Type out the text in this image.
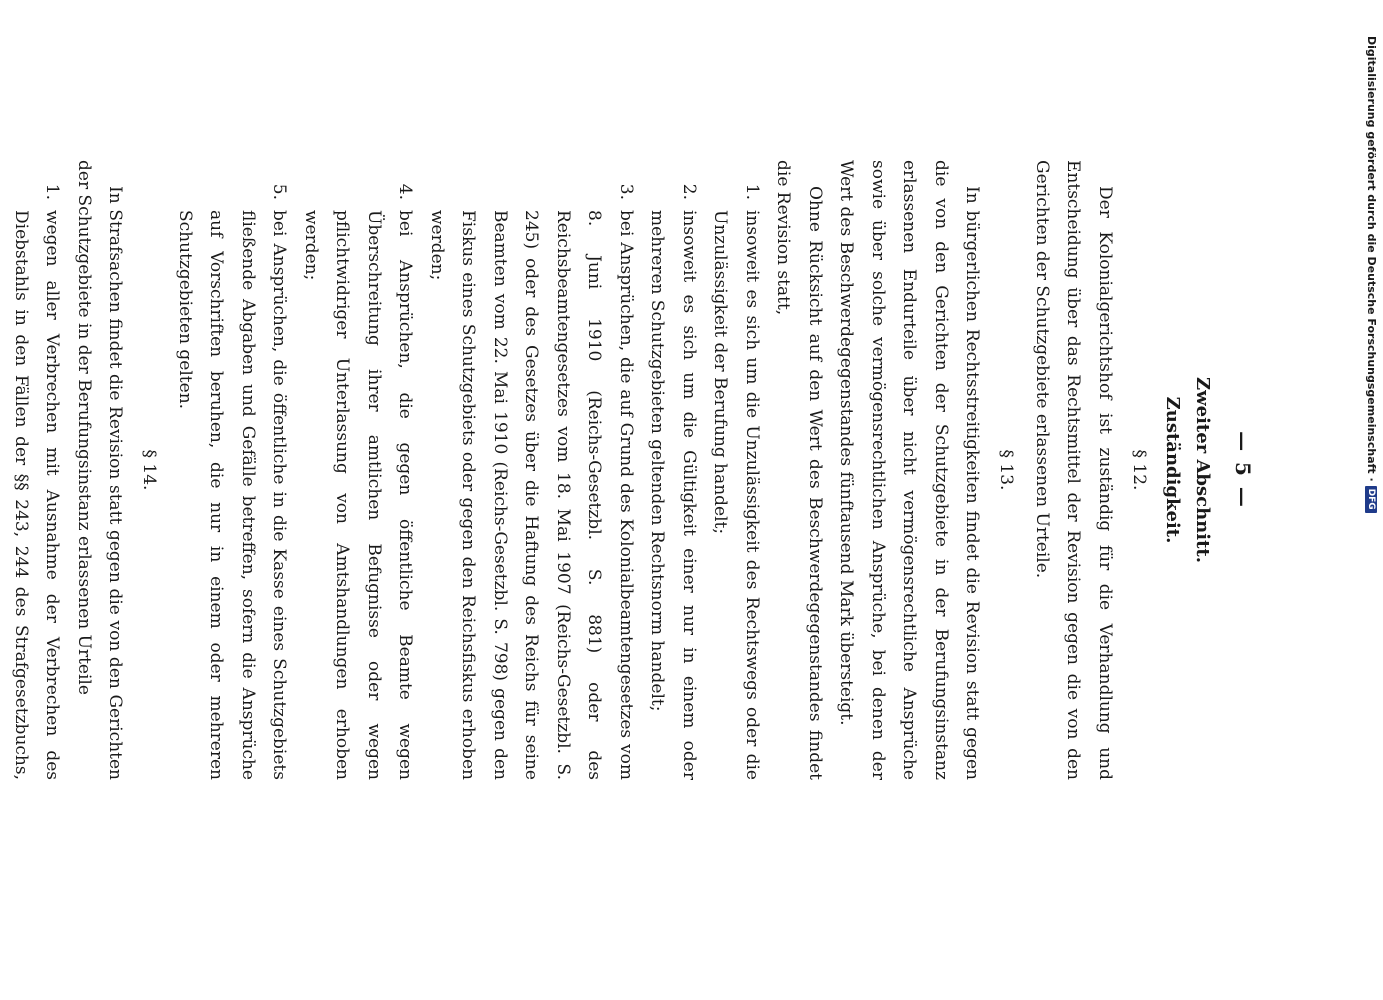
— 5 —
Zweiter Abschnitt.
Zuständigkeit.
§ 12.

Der Kolonialgerichtshof ist zuständig für die Verhandlung und Entscheidung über das Rechtsmittel der Revision gegen die von den Gerichten der Schutzgebiete erlassenen Urteile.

§ 13.

In bürgerlichen Rechtsstreitigkeiten findet die Revision statt gegen die von den Gerichten der Schutzgebiete in der Berufungsinstanz erlassenen Endurteile über nicht vermögensrechtliche Ansprüche sowie über solche vermögensrechtlichen Ansprüche, bei denen der Wert des Beschwerdegegenstandes fünftausend Mark übersteigt.

Ohne Rücksicht auf den Wert des Beschwerdegegenstandes findet die Revision statt,

1.
insoweit es sich um die Unzulässigkeit des Rechtswegs oder die Unzulässigkeit der Berufung handelt;
2.
insoweit es sich um die Gültigkeit einer nur in einem oder mehreren Schutzgebieten geltenden Rechtsnorm handelt;
3.
bei Ansprüchen, die auf Grund des Kolonialbeamtengesetzes vom 8. Juni 1910 (Reichs-Gesetzbl. S. 881) oder des Reichsbeamtengesetzes vom 18. Mai 1907 (Reichs-Gesetzbl. S. 245) oder des Gesetzes über die Haftung des Reichs für seine Beamten vom 22. Mai 1910 (Reichs-Gesetzbl. S. 798) gegen den Fiskus eines Schutzgebiets oder gegen den Reichsfiskus erhoben werden;
4.
bei Ansprüchen, die gegen öffentliche Beamte wegen Überschreitung ihrer amtlichen Befugnisse oder wegen pflichtwidriger Unterlassung von Amtshandlungen erhoben werden;
5.
bei Ansprüchen, die öffentliche in die Kasse eines Schutzgebiets fließende Abgaben und Gefälle betreffen, sofern die Ansprüche auf Vorschriften beruhen, die nur in einem oder mehreren Schutzgebieten gelten.
§ 14.

In Strafsachen findet die Revision statt gegen die von den Gerichten der Schutzgebiete in der Berufungsinstanz erlassenen Urteile

1.
wegen aller Verbrechen mit Ausnahme der Verbrechen des Diebstahls in den Fällen der §§ 243, 244 des Strafgesetzbuchs,
Digitalisierung gefördert durch die Deutsche Forschungsgemeinschaft ·
DFG
